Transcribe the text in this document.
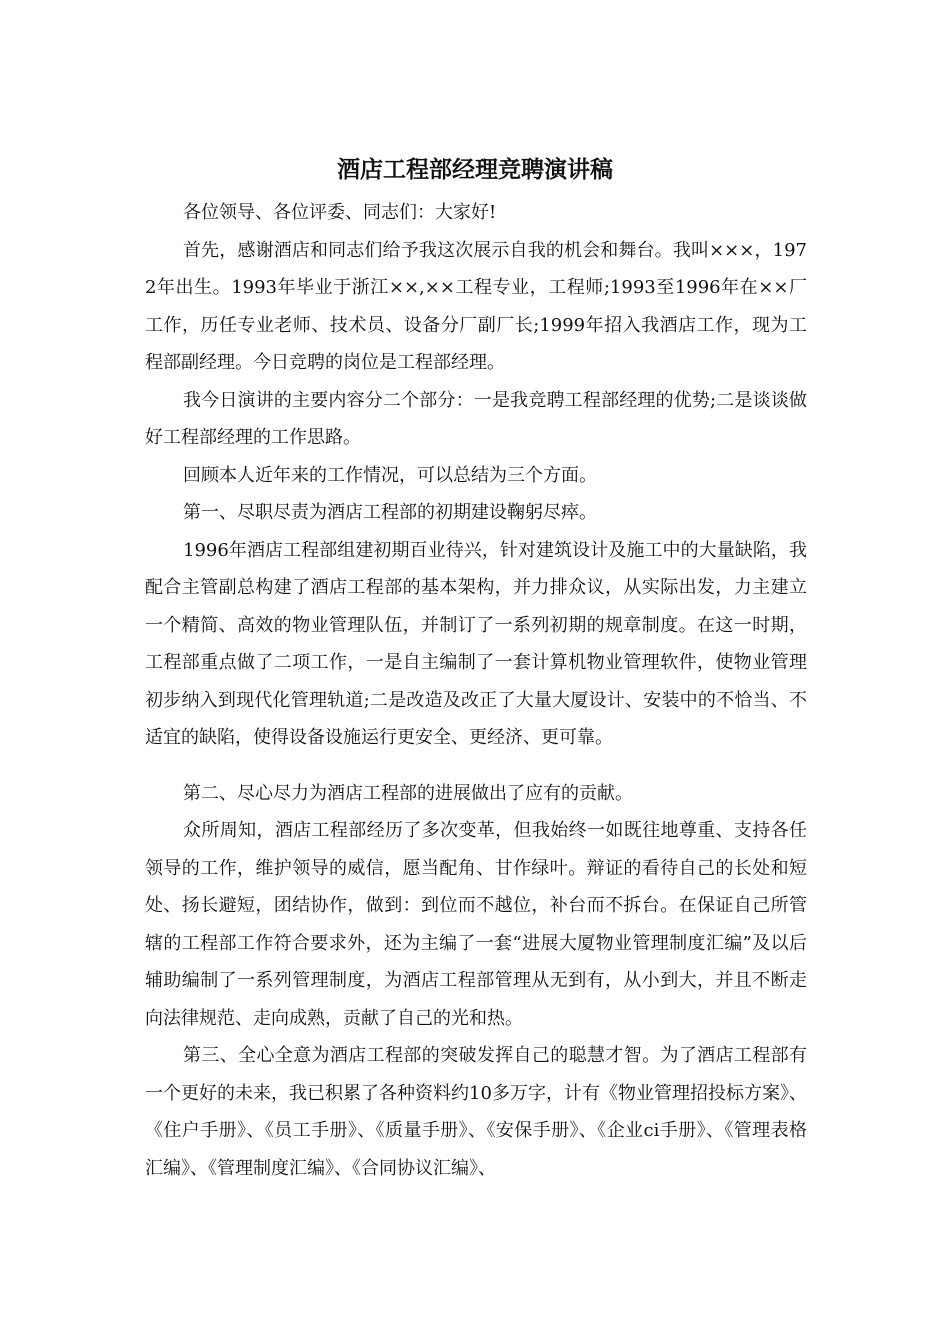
酒店工程部经理竞聘演讲稿

各位领导、各位评委、同志们：大家好!

首先，感谢酒店和同志们给予我这次展示自我的机会和舞台。我叫×××，1972年出生。1993年毕业于浙江××,××工程专业，工程师;1993至1996年在××厂工作，历任专业老师、技术员、设备分厂副厂长;1999年招入我酒店工作，现为工程部副经理。今日竞聘的岗位是工程部经理。

我今日演讲的主要内容分二个部分：一是我竞聘工程部经理的优势;二是谈谈做好工程部经理的工作思路。

回顾本人近年来的工作情况，可以总结为三个方面。

第一、尽职尽责为酒店工程部的初期建设鞠躬尽瘁。

1996年酒店工程部组建初期百业待兴，针对建筑设计及施工中的大量缺陷，我配合主管副总构建了酒店工程部的基本架构，并力排众议，从实际出发，力主建立一个精简、高效的物业管理队伍，并制订了一系列初期的规章制度。在这一时期，工程部重点做了二项工作，一是自主编制了一套计算机物业管理软件，使物业管理初步纳入到现代化管理轨道;二是改造及改正了大量大厦设计、安装中的不恰当、不适宜的缺陷，使得设备设施运行更安全、更经济、更可靠。

第二、尽心尽力为酒店工程部的进展做出了应有的贡献。

众所周知，酒店工程部经历了多次变革，但我始终一如既往地尊重、支持各任领导的工作，维护领导的威信，愿当配角、甘作绿叶。辩证的看待自己的长处和短处、扬长避短，团结协作，做到：到位而不越位，补台而不拆台。在保证自己所管辖的工程部工作符合要求外，还为主编了一套“进展大厦物业管理制度汇编”及以后辅助编制了一系列管理制度，为酒店工程部管理从无到有，从小到大，并且不断走向法律规范、走向成熟，贡献了自己的光和热。

第三、全心全意为酒店工程部的突破发挥自己的聪慧才智。为了酒店工程部有一个更好的未来，我已积累了各种资料约10多万字，计有《物业管理招投标方案》、《住户手册》、《员工手册》、《质量手册》、《安保手册》、《企业ci手册》、《管理表格汇编》、《管理制度汇编》、《合同协议汇编》、
